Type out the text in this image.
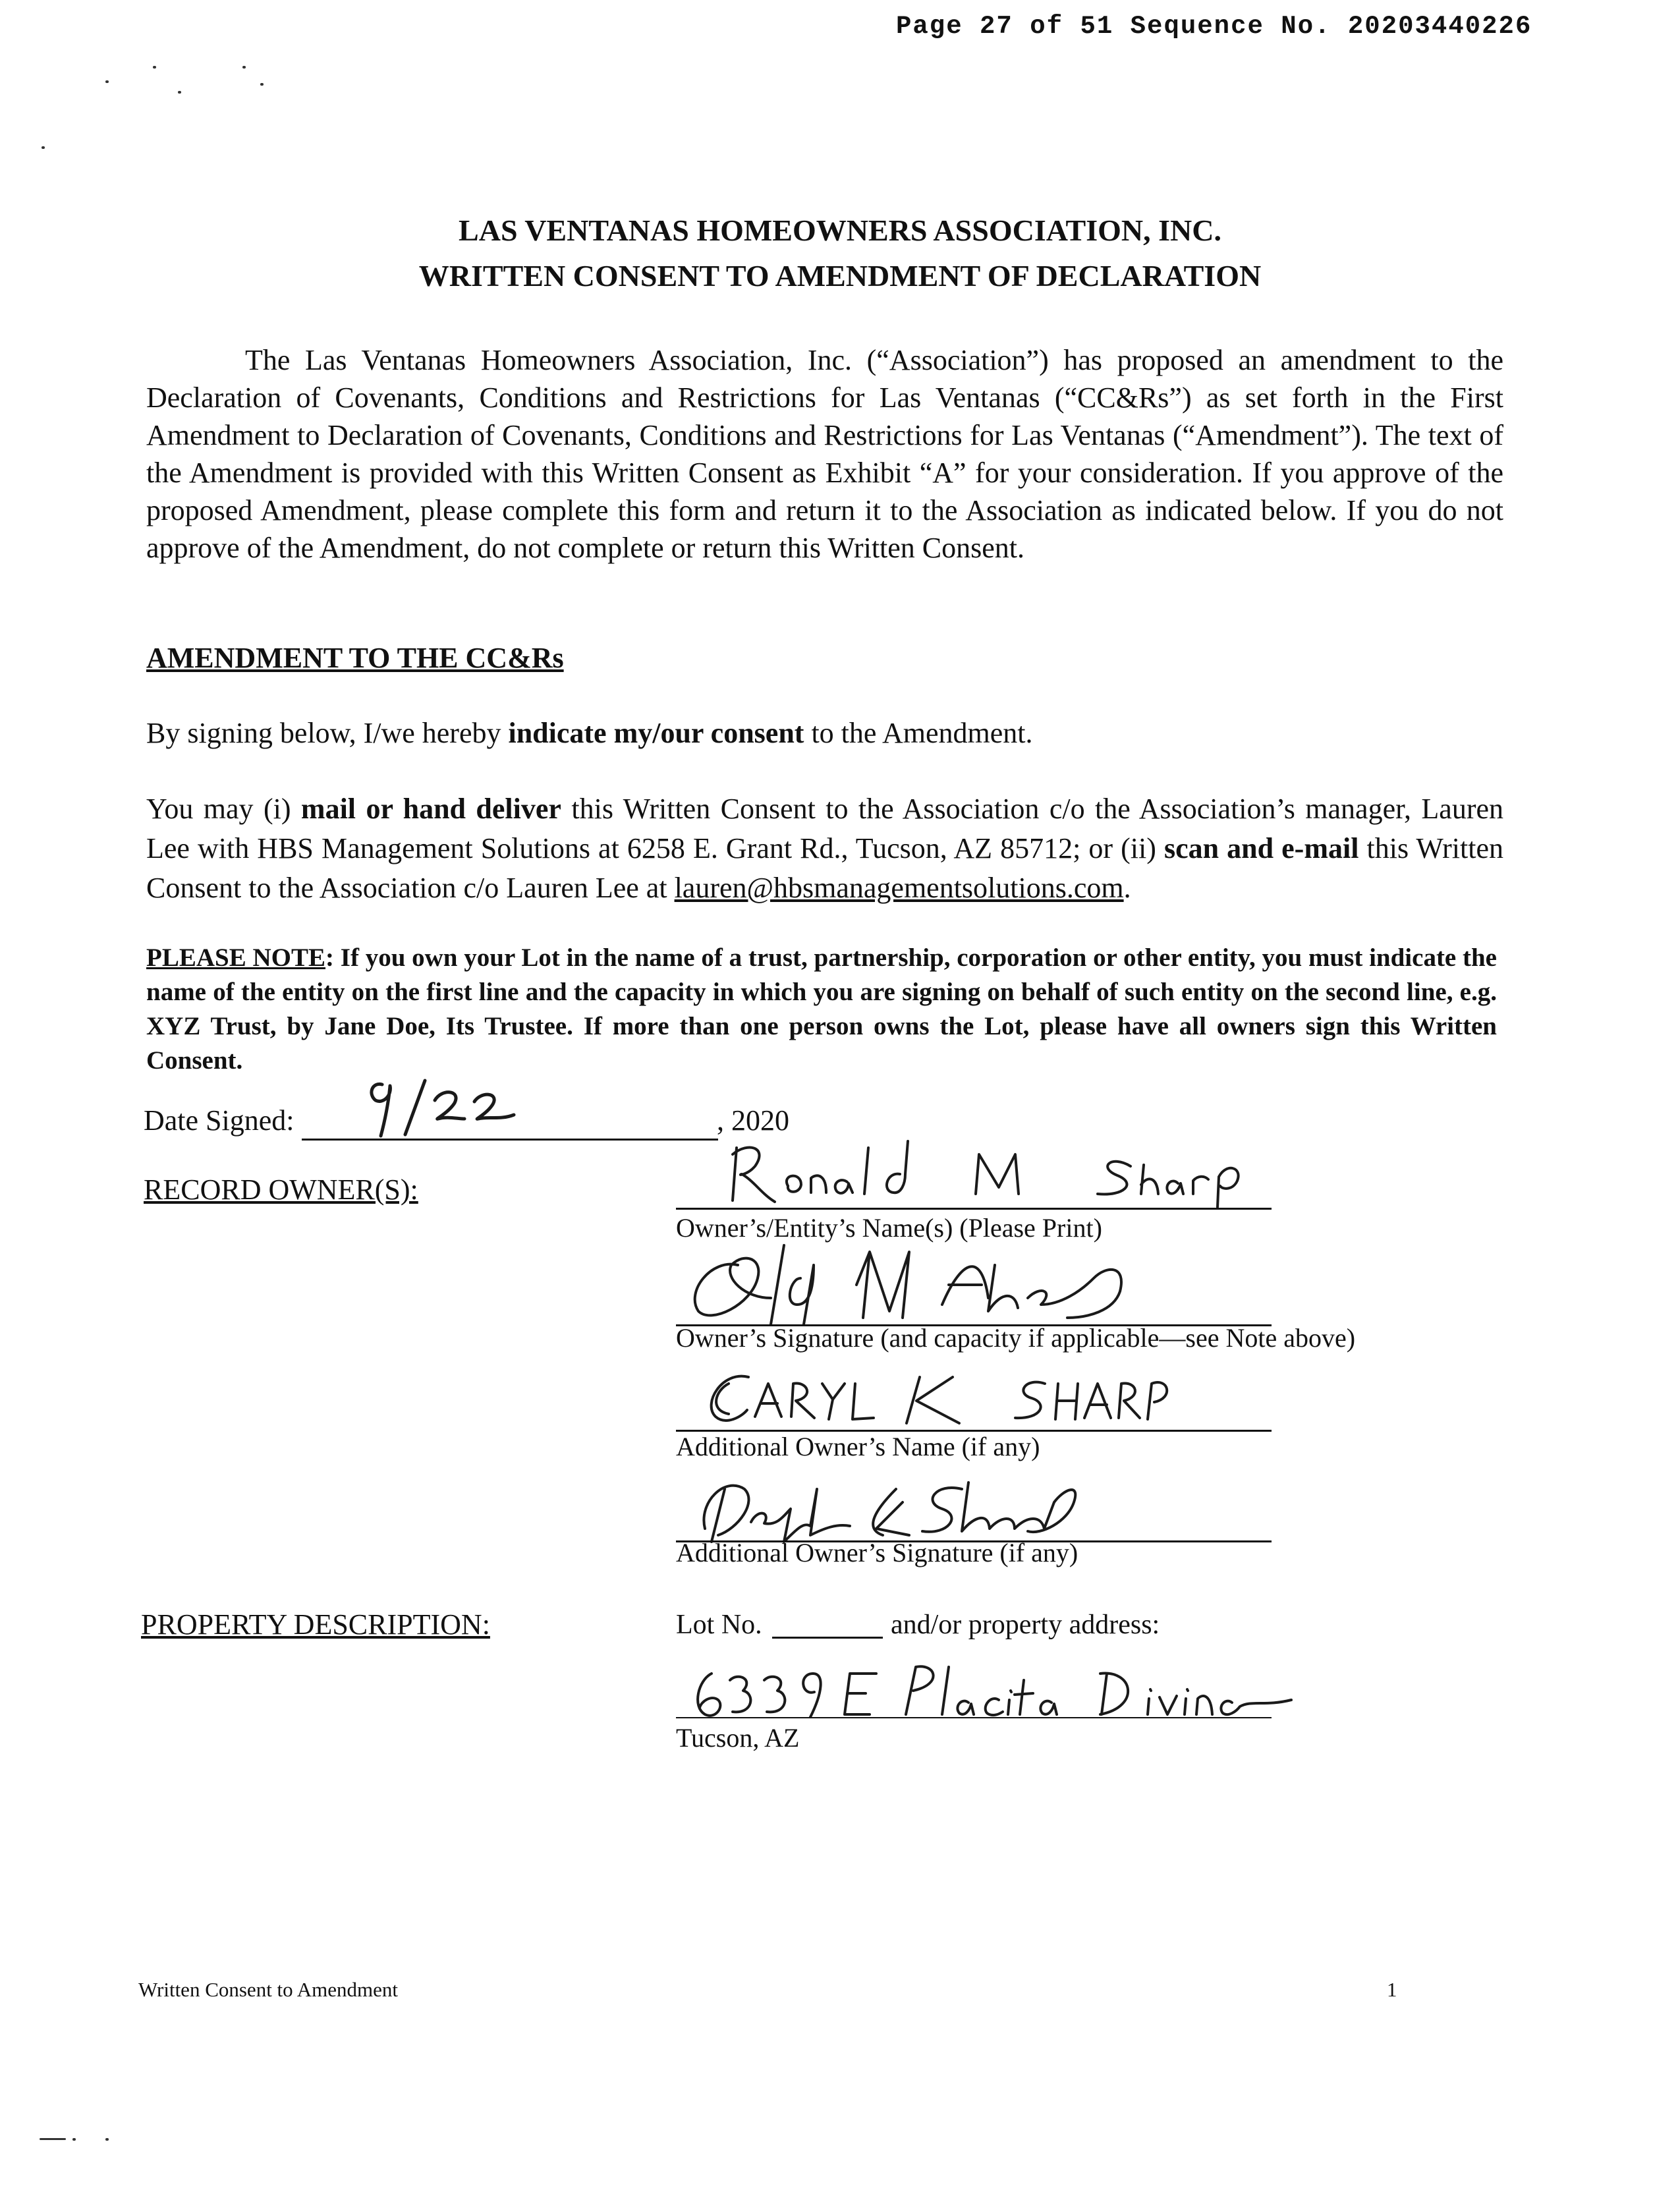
Page 27 of 51 Sequence No. 20203440226
LAS VENTANAS HOMEOWNERS ASSOCIATION, INC.
WRITTEN CONSENT TO AMENDMENT OF DECLARATION

The Las Ventanas Homeowners Association, Inc. (“Association”) has proposed an amendment to the Declaration of Covenants, Conditions and Restrictions for Las Ventanas (“CC&Rs”) as set forth in the First Amendment to Declaration of Covenants, Conditions and Restrictions for Las Ventanas (“Amendment”). The text of the Amendment is provided with this Written Consent as Exhibit “A” for your consideration. If you approve of the proposed Amendment, please complete this form and return it to the Association as indicated below. If you do not approve of the Amendment, do not complete or return this Written Consent.

AMENDMENT TO THE CC&Rs
By signing below, I/we hereby indicate my/our consent to the Amendment.

You may (i) mail or hand deliver this Written Consent to the Association c/o the Association’s manager, Lauren Lee with HBS Management Solutions at 6258 E. Grant Rd., Tucson, AZ 85712; or (ii) scan and e-mail this Written Consent to the Association c/o Lauren Lee at lauren@hbsmanagementsolutions.com.

PLEASE NOTE: If you own your Lot in the name of a trust, partnership, corporation or other entity, you must indicate the name of the entity on the first line and the capacity in which you are signing on behalf of such entity on the second line, e.g. XYZ Trust, by Jane Doe, Its Trustee. If more than one person owns the Lot, please have all owners sign this Written Consent.
Date Signed:	, 2020
RECORD OWNER(S):
Owner’s/Entity’s Name(s) (Please Print)
Owner’s Signature (and capacity if applicable—see Note above)
Additional Owner’s Name (if any)
Additional Owner’s Signature (if any)
PROPERTY DESCRIPTION:	Lot No.	and/or property address:
Tucson, AZ
Written Consent to Amendment	1
